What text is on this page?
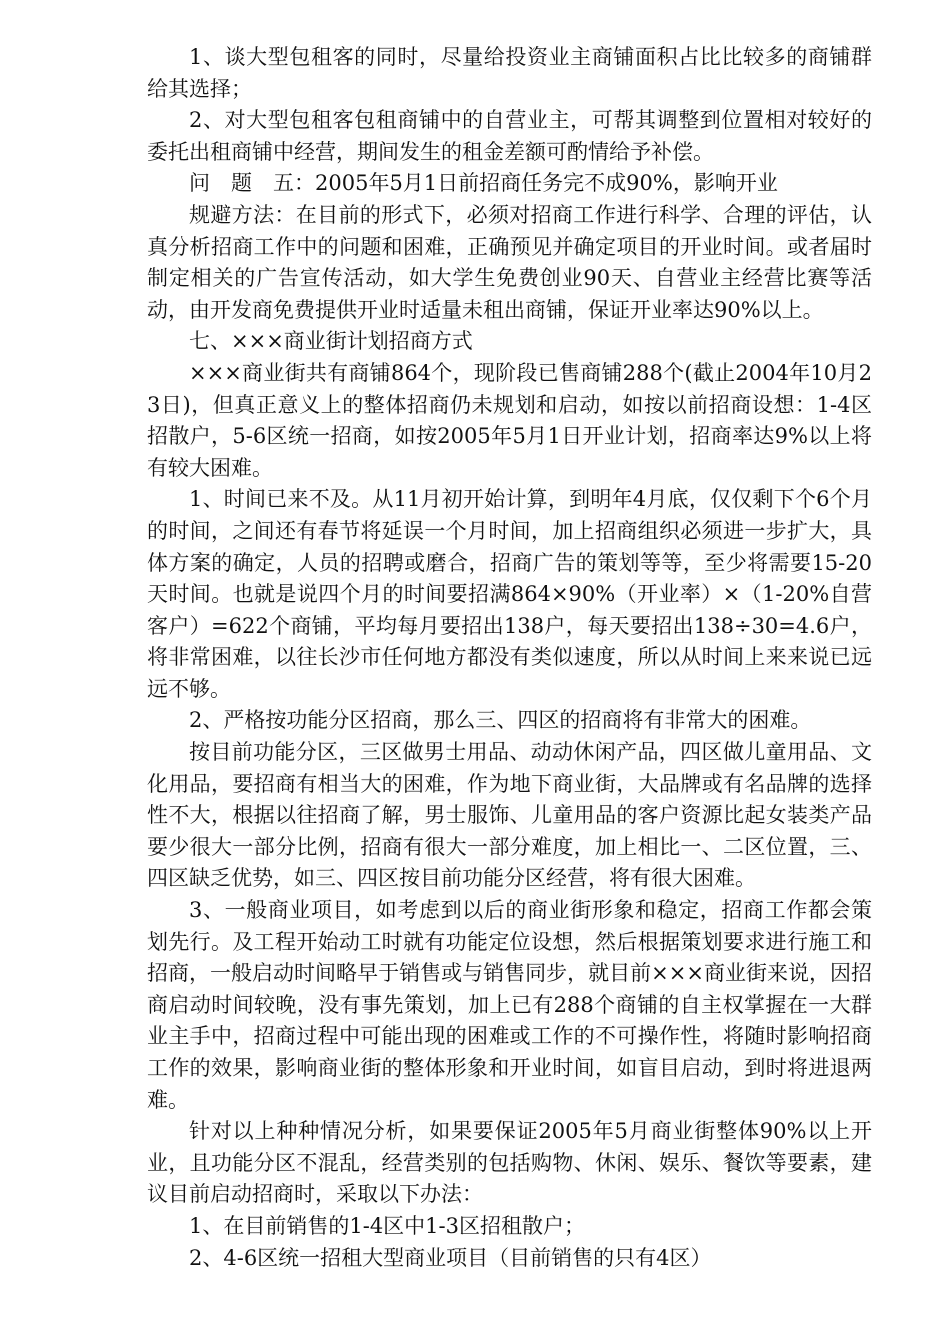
1、谈大型包租客的同时，尽量给投资业主商铺面积占比比较多的商铺群给其选择；

2、对大型包租客包租商铺中的自营业主，可帮其调整到位置相对较好的委托出租商铺中经营，期间发生的租金差额可酌情给予补偿。

问　题　五：2005年5月1日前招商任务完不成90%，影响开业

规避方法：在目前的形式下，必须对招商工作进行科学、合理的评估，认真分析招商工作中的问题和困难，正确预见并确定项目的开业时间。或者届时制定相关的广告宣传活动，如大学生免费创业90天、自营业主经营比赛等活动，由开发商免费提供开业时适量未租出商铺，保证开业率达90%以上。

七、×××商业街计划招商方式

×××商业街共有商铺864个，现阶段已售商铺288个(截止2004年10月23日)，但真正意义上的整体招商仍未规划和启动，如按以前招商设想：1-4区招散户，5-6区统一招商，如按2005年5月1日开业计划，招商率达9%以上将有较大困难。

1、时间已来不及。从11月初开始计算，到明年4月底，仅仅剩下个6个月的时间，之间还有春节将延误一个月时间，加上招商组织必须进一步扩大，具体方案的确定，人员的招聘或磨合，招商广告的策划等等，至少将需要15-20天时间。也就是说四个月的时间要招满864×90%（开业率）×（1-20%自营客户）=622个商铺，平均每月要招出138户，每天要招出138÷30=4.6户，将非常困难，以往长沙市任何地方都没有类似速度，所以从时间上来来说已远远不够。

2、严格按功能分区招商，那么三、四区的招商将有非常大的困难。

按目前功能分区，三区做男士用品、动动休闲产品，四区做儿童用品、文化用品，要招商有相当大的困难，作为地下商业街，大品牌或有名品牌的选择性不大，根据以往招商了解，男士服饰、儿童用品的客户资源比起女装类产品要少很大一部分比例，招商有很大一部分难度，加上相比一、二区位置，三、四区缺乏优势，如三、四区按目前功能分区经营，将有很大困难。

3、一般商业项目，如考虑到以后的商业街形象和稳定，招商工作都会策划先行。及工程开始动工时就有功能定位设想，然后根据策划要求进行施工和招商，一般启动时间略早于销售或与销售同步，就目前×××商业街来说，因招商启动时间较晚，没有事先策划，加上已有288个商铺的自主权掌握在一大群业主手中，招商过程中可能出现的困难或工作的不可操作性，将随时影响招商工作的效果，影响商业街的整体形象和开业时间，如盲目启动，到时将进退两难。

针对以上种种情况分析，如果要保证2005年5月商业街整体90%以上开业，且功能分区不混乱，经营类别的包括购物、休闲、娱乐、餐饮等要素，建议目前启动招商时，采取以下办法：

1、在目前销售的1-4区中1-3区招租散户；

2、4-6区统一招租大型商业项目（目前销售的只有4区）
